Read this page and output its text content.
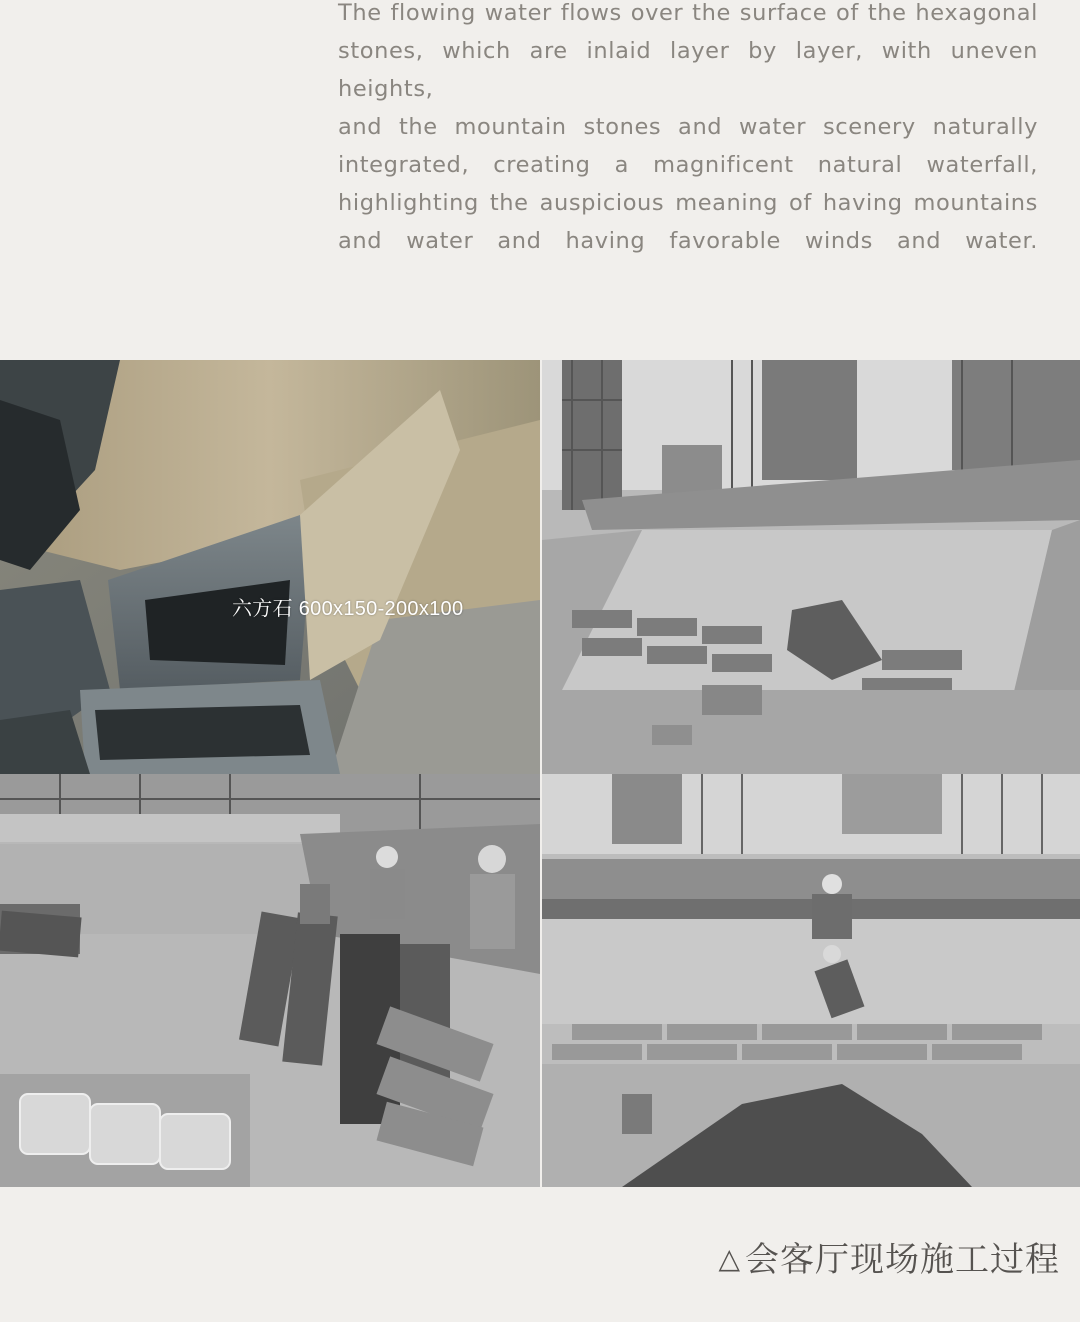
The flowing water flows over the surface of the hexagonal
stones, which are inlaid layer by layer, with uneven heights,
and the mountain stones and water scenery naturally
integrated, creating a magnificent natural waterfall,
highlighting the auspicious meaning of having mountains
and water and having favorable winds and water.
六方石 600x150-200x100
△ 会客厅现场施工过程
